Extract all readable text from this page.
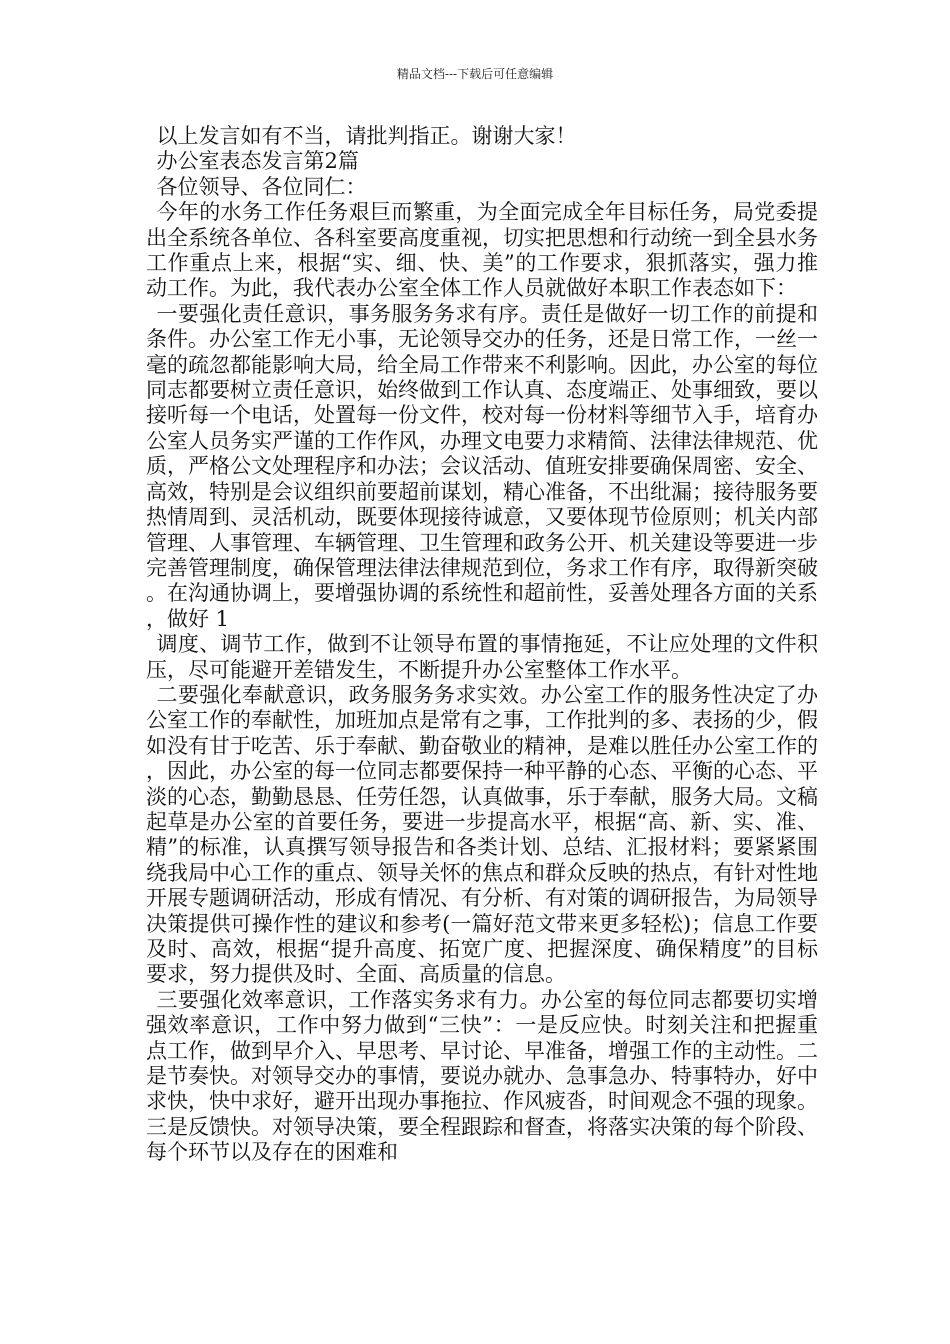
精品文档---下载后可任意编辑

以上发言如有不当，请批判指正。谢谢大家！

办公室表态发言第2篇

各位领导、各位同仁：

今年的水务工作任务艰巨而繁重，为全面完成全年目标任务，局党委提出全系统各单位、各科室要高度重视，切实把思想和行动统一到全县水务工作重点上来，根据“实、细、快、美”的工作要求，狠抓落实，强力推动工作。为此，我代表办公室全体工作人员就做好本职工作表态如下：

一要强化责任意识，事务服务务求有序。责任是做好一切工作的前提和条件。办公室工作无小事，无论领导交办的任务，还是日常工作，一丝一毫的疏忽都能影响大局，给全局工作带来不利影响。因此，办公室的每位同志都要树立责任意识，始终做到工作认真、态度端正、处事细致，要以接听每一个电话，处置每一份文件，校对每一份材料等细节入手，培育办公室人员务实严谨的工作作风，办理文电要力求精简、法律法律规范、优质，严格公文处理程序和办法；会议活动、值班安排要确保周密、安全、高效，特别是会议组织前要超前谋划，精心准备，不出纰漏；接待服务要热情周到、灵活机动，既要体现接待诚意，又要体现节俭原则；机关内部管理、人事管理、车辆管理、卫生管理和政务公开、机关建设等要进一步完善管理制度，确保管理法律法律规范到位，务求工作有序，取得新突破。在沟通协调上，要增强协调的系统性和超前性，妥善处理各方面的关系，做好 1

调度、调节工作，做到不让领导布置的事情拖延，不让应处理的文件积压，尽可能避开差错发生，不断提升办公室整体工作水平。

二要强化奉献意识，政务服务务求实效。办公室工作的服务性决定了办公室工作的奉献性，加班加点是常有之事，工作批判的多、表扬的少，假如没有甘于吃苦、乐于奉献、勤奋敬业的精神，是难以胜任办公室工作的，因此，办公室的每一位同志都要保持一种平静的心态、平衡的心态、平淡的心态，勤勤恳恳、任劳任怨，认真做事，乐于奉献，服务大局。文稿起草是办公室的首要任务，要进一步提高水平，根据“高、新、实、准、精”的标准，认真撰写领导报告和各类计划、总结、汇报材料；要紧紧围绕我局中心工作的重点、领导关怀的焦点和群众反映的热点，有针对性地开展专题调研活动，形成有情况、有分析、有对策的调研报告，为局领导决策提供可操作性的建议和参考(一篇好范文带来更多轻松)；信息工作要及时、高效，根据“提升高度、拓宽广度、把握深度、确保精度”的目标要求，努力提供及时、全面、高质量的信息。

三要强化效率意识，工作落实务求有力。办公室的每位同志都要切实增强效率意识，工作中努力做到“三快”：一是反应快。时刻关注和把握重点工作，做到早介入、早思考、早讨论、早准备，增强工作的主动性。二是节奏快。对领导交办的事情，要说办就办、急事急办、特事特办，好中求快，快中求好，避开出现办事拖拉、作风疲沓，时间观念不强的现象。三是反馈快。对领导决策，要全程跟踪和督查，将落实决策的每个阶段、每个环节以及存在的困难和
